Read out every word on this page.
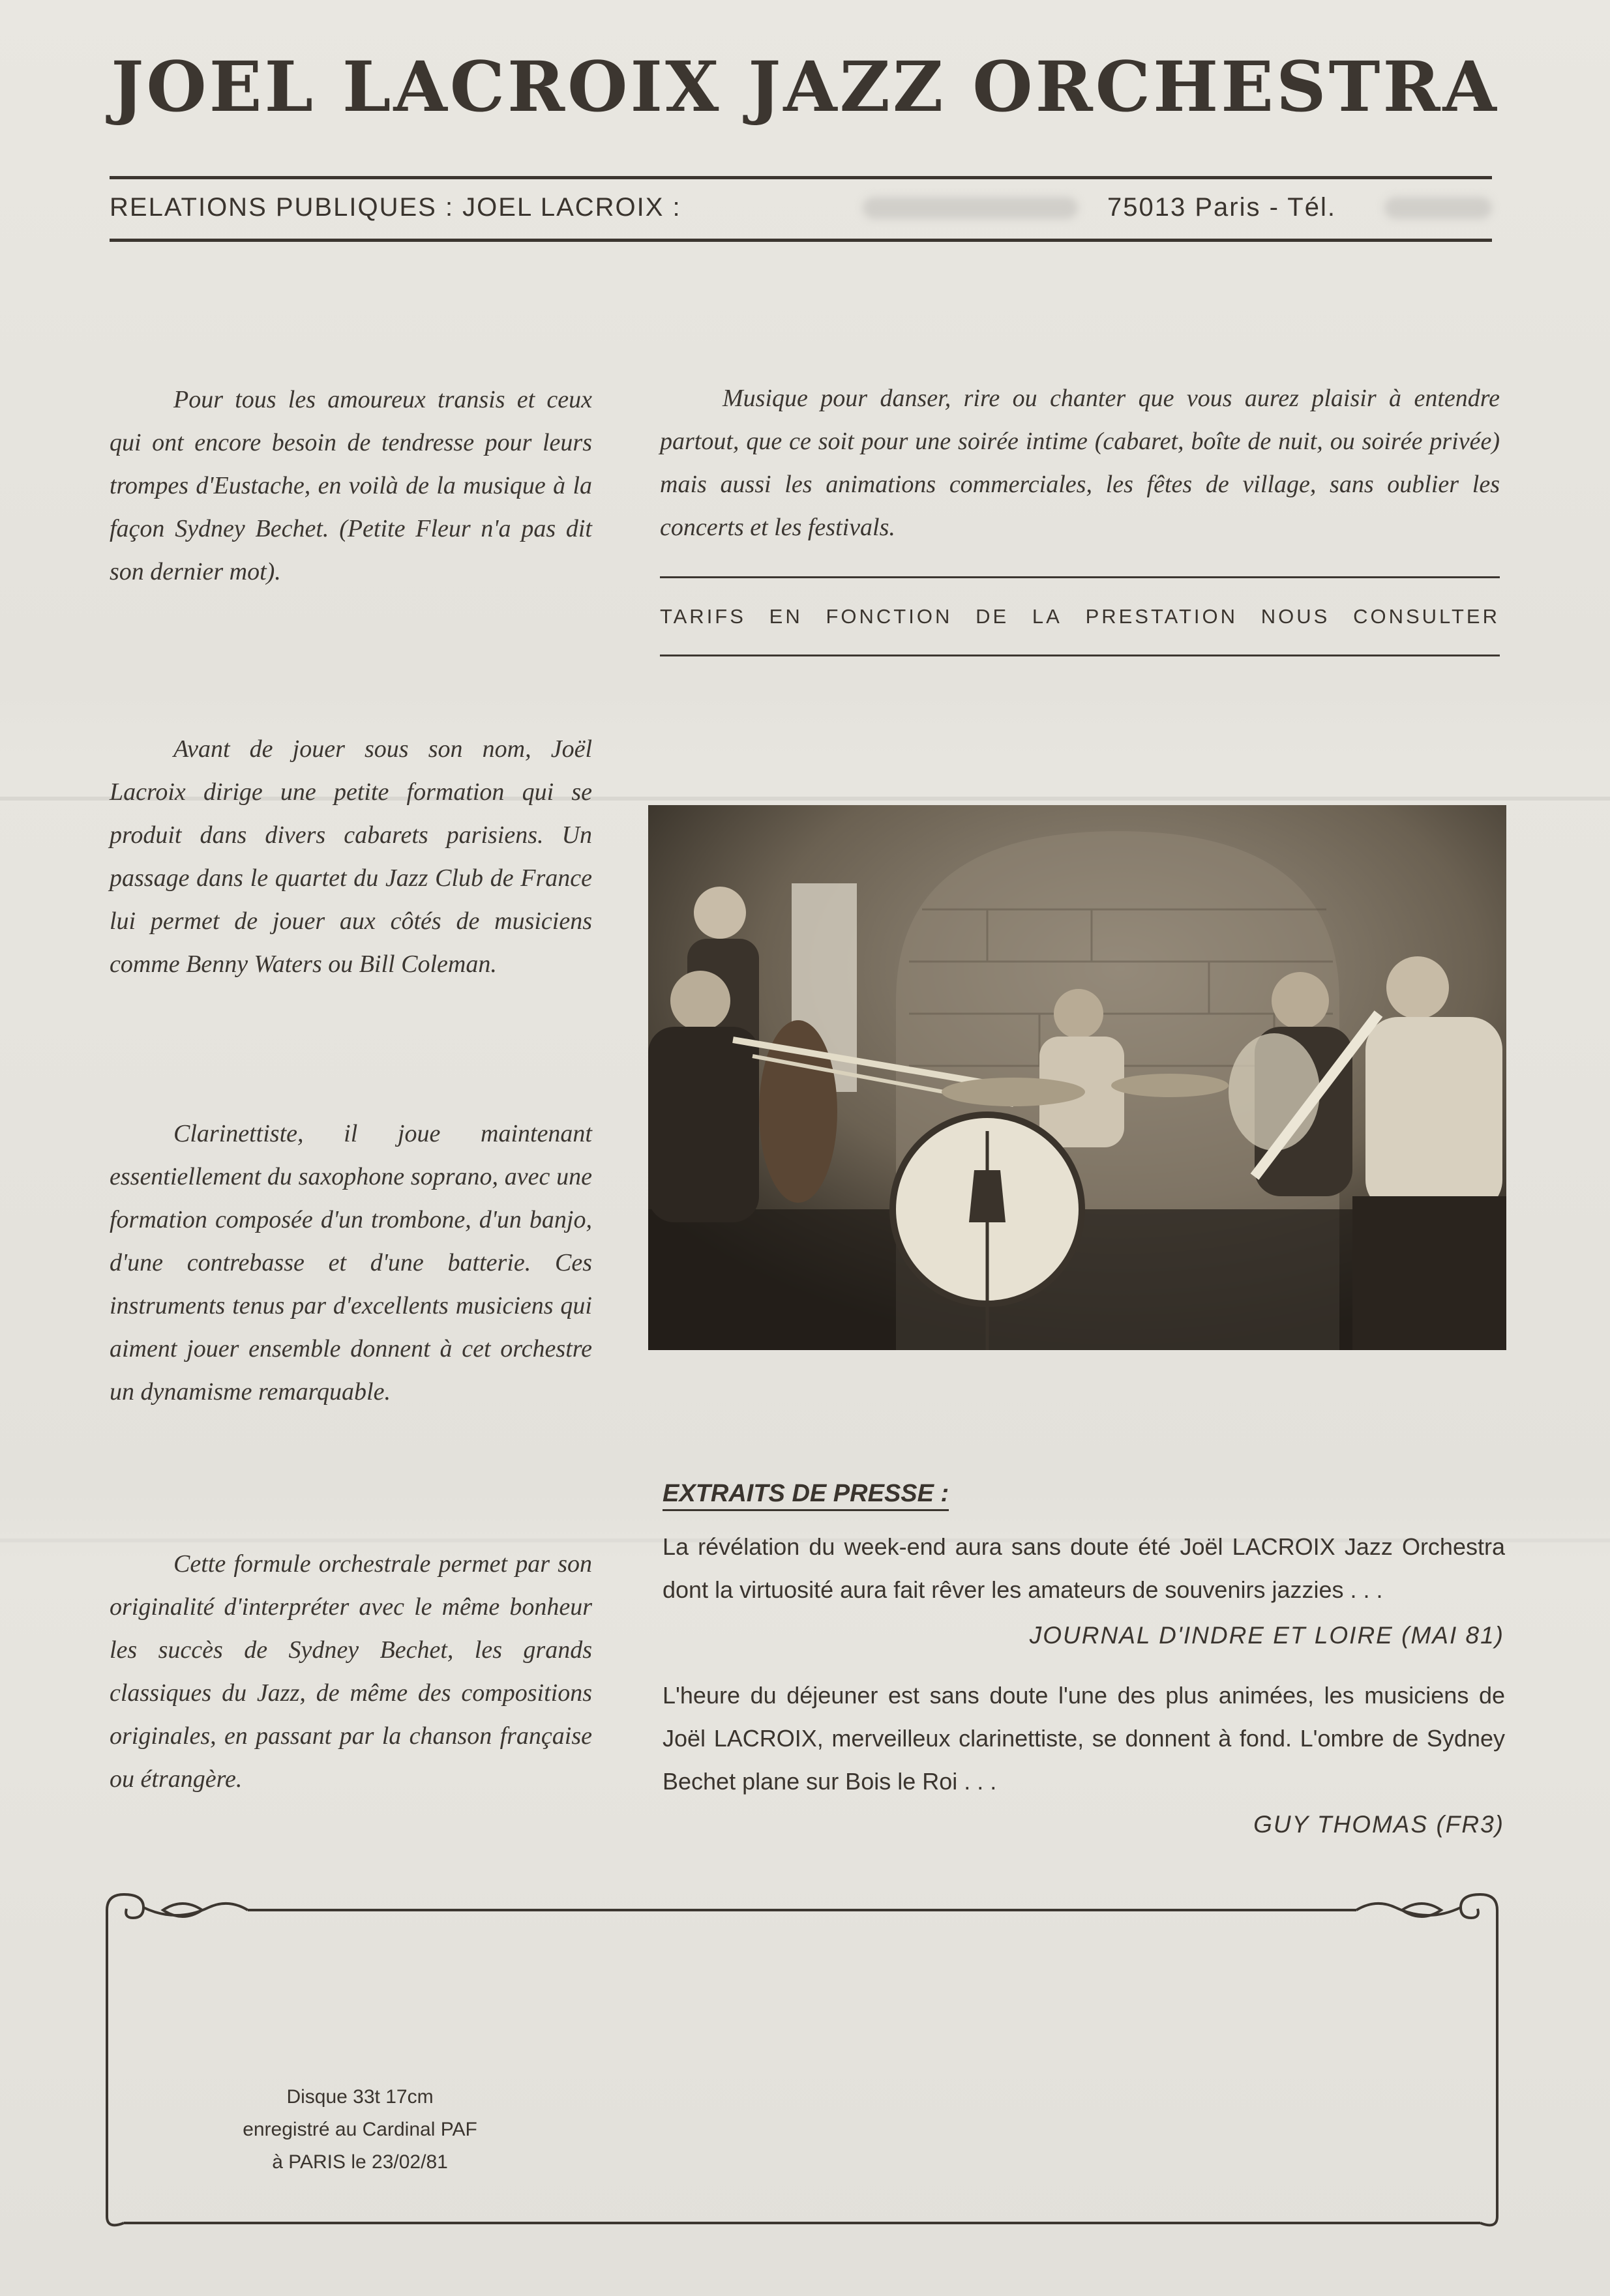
JOEL LACROIX JAZZ ORCHESTRA
RELATIONS PUBLIQUES : JOEL LACROIX :	75013 Paris - Tél.

Pour tous les amoureux transis et ceux qui ont encore besoin de tendresse pour leurs trompes d'Eustache, en voilà de la musique à la façon Sydney Bechet. (Petite Fleur n'a pas dit son dernier mot).

Avant de jouer sous son nom, Joël Lacroix dirige une petite formation qui se produit dans divers cabarets parisiens. Un passage dans le quartet du Jazz Club de France lui permet de jouer aux côtés de musiciens comme Benny Waters ou Bill Coleman.

Clarinettiste, il joue maintenant essentiellement du saxophone soprano, avec une formation composée d'un trombone, d'un banjo, d'une contrebasse et d'une batterie. Ces instruments tenus par d'excellents musiciens qui aiment jouer ensemble donnent à cet orchestre un dynamisme remarquable.

Cette formule orchestrale permet par son originalité d'interpréter avec le même bonheur les succès de Sydney Bechet, les grands classiques du Jazz, de même des compositions originales, en passant par la chanson française ou étrangère.

Musique pour danser, rire ou chanter que vous aurez plaisir à entendre partout, que ce soit pour une soirée intime (cabaret, boîte de nuit, ou soirée privée) mais aussi les animations commerciales, les fêtes de village, sans oublier les concerts et les festivals.

TARIFS EN FONCTION DE LA PRESTATION NOUS CONSULTER
EXTRAITS DE PRESSE :
La révélation du week-end aura sans doute été Joël LACROIX Jazz Orchestra dont la virtuosité aura fait rêver les amateurs de souvenirs jazzies . . .
JOURNAL D'INDRE ET LOIRE (MAI 81)
L'heure du déjeuner est sans doute l'une des plus animées, les musiciens de Joël LACROIX, merveilleux clarinettiste, se donnent à fond. L'ombre de Sydney Bechet plane sur Bois le Roi . . .
GUY THOMAS (FR3)
Disque 33t 17cm
enregistré au Cardinal PAF
à PARIS le 23/02/81
